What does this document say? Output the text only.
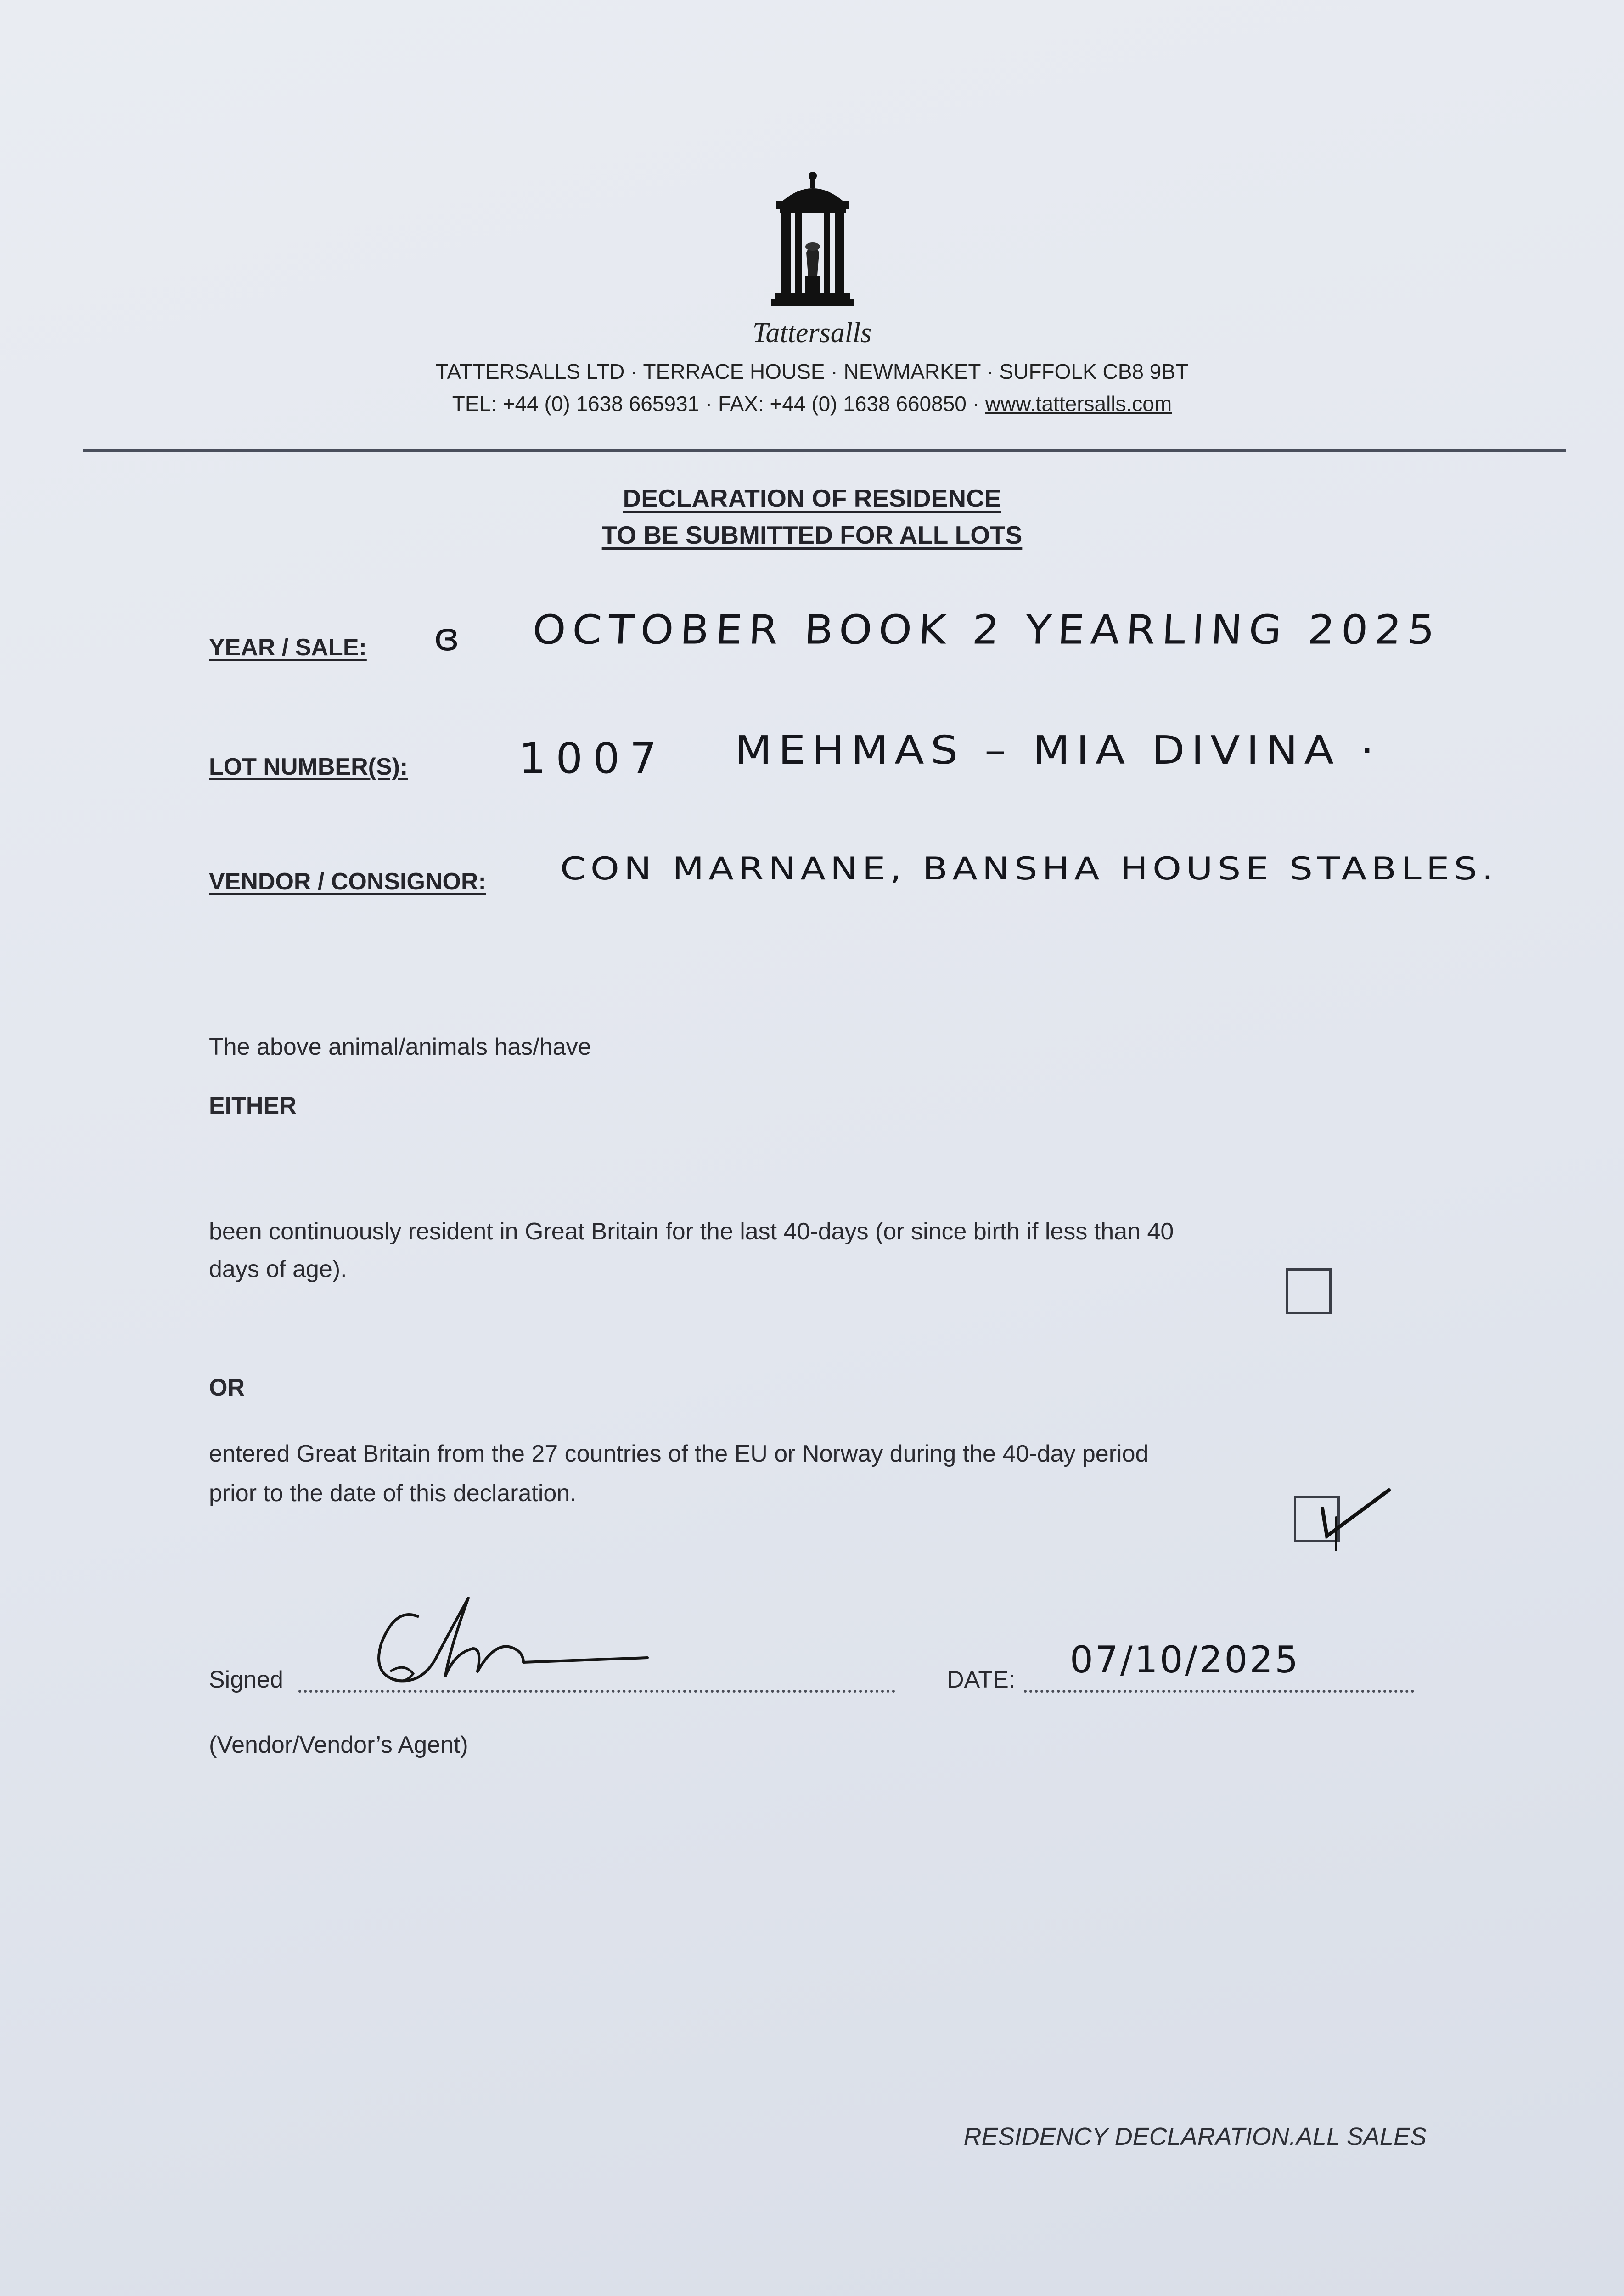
Tattersalls
TATTERSALLS LTD · TERRACE HOUSE · NEWMARKET · SUFFOLK CB8 9BT
TEL: +44 (0) 1638 665931 · FAX: +44 (0) 1638 660850 · www.tattersalls.com
DECLARATION OF RESIDENCE
TO BE SUBMITTED FOR ALL LOTS
YEAR / SALE: ɞ OCTOBER BOOK 2 YEARLING 2025
LOT NUMBER(S):	1007 MEHMAS – MIA DIVINA ·
VENDOR / CONSIGNOR: CON MARNANE, BANSHA HOUSE STABLES.
The above animal/animals has/have
EITHER
been continuously resident in Great Britain for the last 40-days (or since birth if less than 40
days of age).
OR
entered Great Britain from the 27 countries of the EU or Norway during the 40-day period
prior to the date of this declaration.
Signed	DATE: 07/10/2025
(Vendor/Vendor’s Agent)
RESIDENCY DECLARATION.ALL SALES
